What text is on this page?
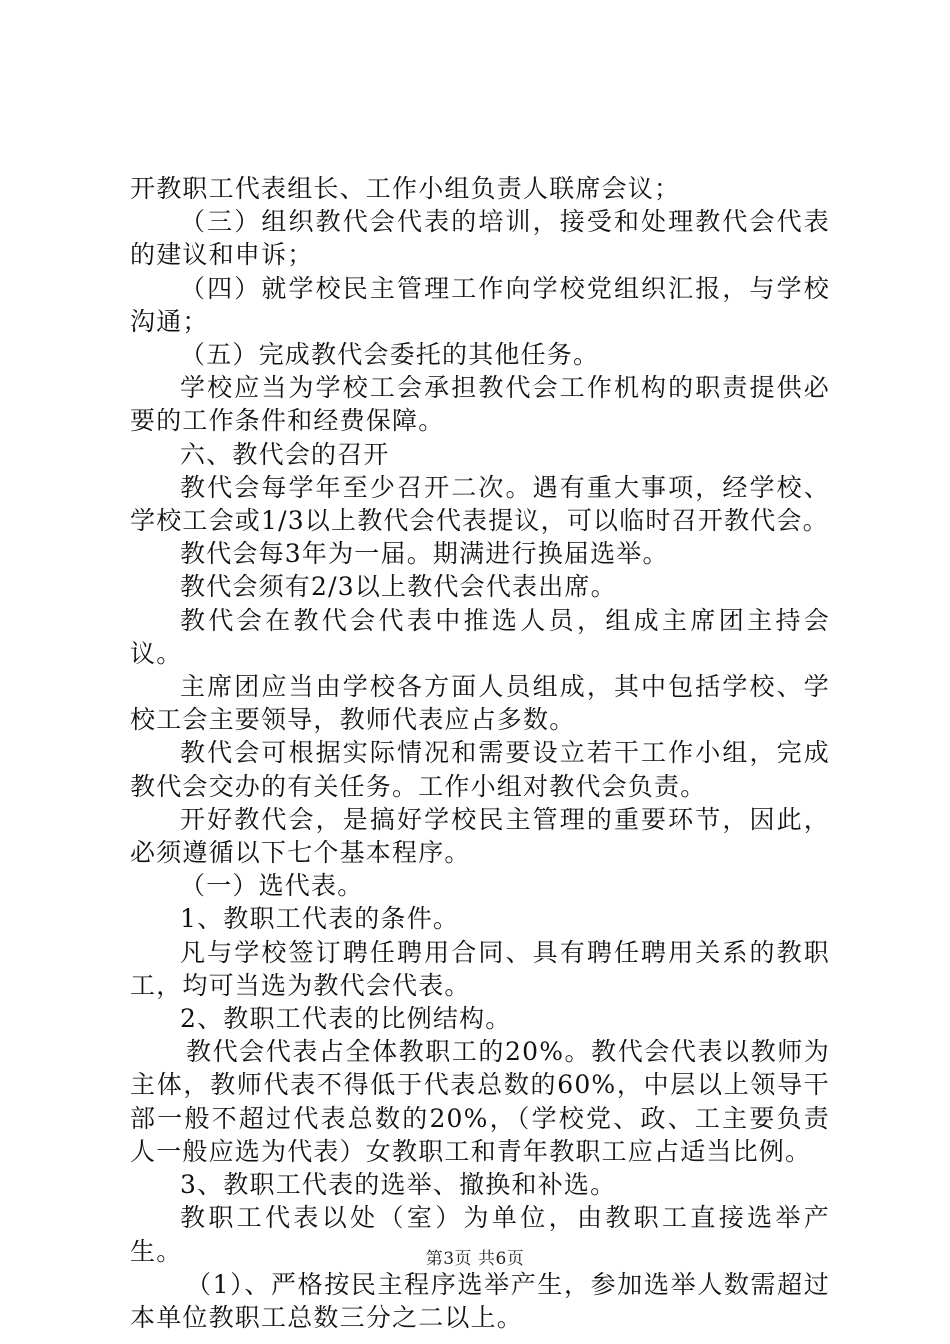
开教职工代表组长、工作小组负责人联席会议；

（三）组织教代会代表的培训，接受和处理教代会代表的建议和申诉；

（四）就学校民主管理工作向学校党组织汇报，与学校沟通；

（五）完成教代会委托的其他任务。

学校应当为学校工会承担教代会工作机构的职责提供必要的工作条件和经费保障。

六、教代会的召开

教代会每学年至少召开二次。遇有重大事项，经学校、学校工会或1/3以上教代会代表提议，可以临时召开教代会。

教代会每3年为一届。期满进行换届选举。

教代会须有2/3以上教代会代表出席。

教代会在教代会代表中推选人员，组成主席团主持会议。

主席团应当由学校各方面人员组成，其中包括学校、学校工会主要领导，教师代表应占多数。

教代会可根据实际情况和需要设立若干工作小组，完成教代会交办的有关任务。工作小组对教代会负责。

开好教代会，是搞好学校民主管理的重要环节，因此，必须遵循以下七个基本程序。

（一）选代表。

1、教职工代表的条件。

凡与学校签订聘任聘用合同、具有聘任聘用关系的教职工，均可当选为教代会代表。

2、教职工代表的比例结构。

教代会代表占全体教职工的20%。教代会代表以教师为主体，教师代表不得低于代表总数的60%，中层以上领导干部一般不超过代表总数的20%，（学校党、政、工主要负责人一般应选为代表）女教职工和青年教职工应占适当比例。

3、教职工代表的选举、撤换和补选。

教职工代表以处（室）为单位，由教职工直接选举产生。

（1）、严格按民主程序选举产生，参加选举人数需超过本单位教职工总数三分之二以上。

第3页 共6页
